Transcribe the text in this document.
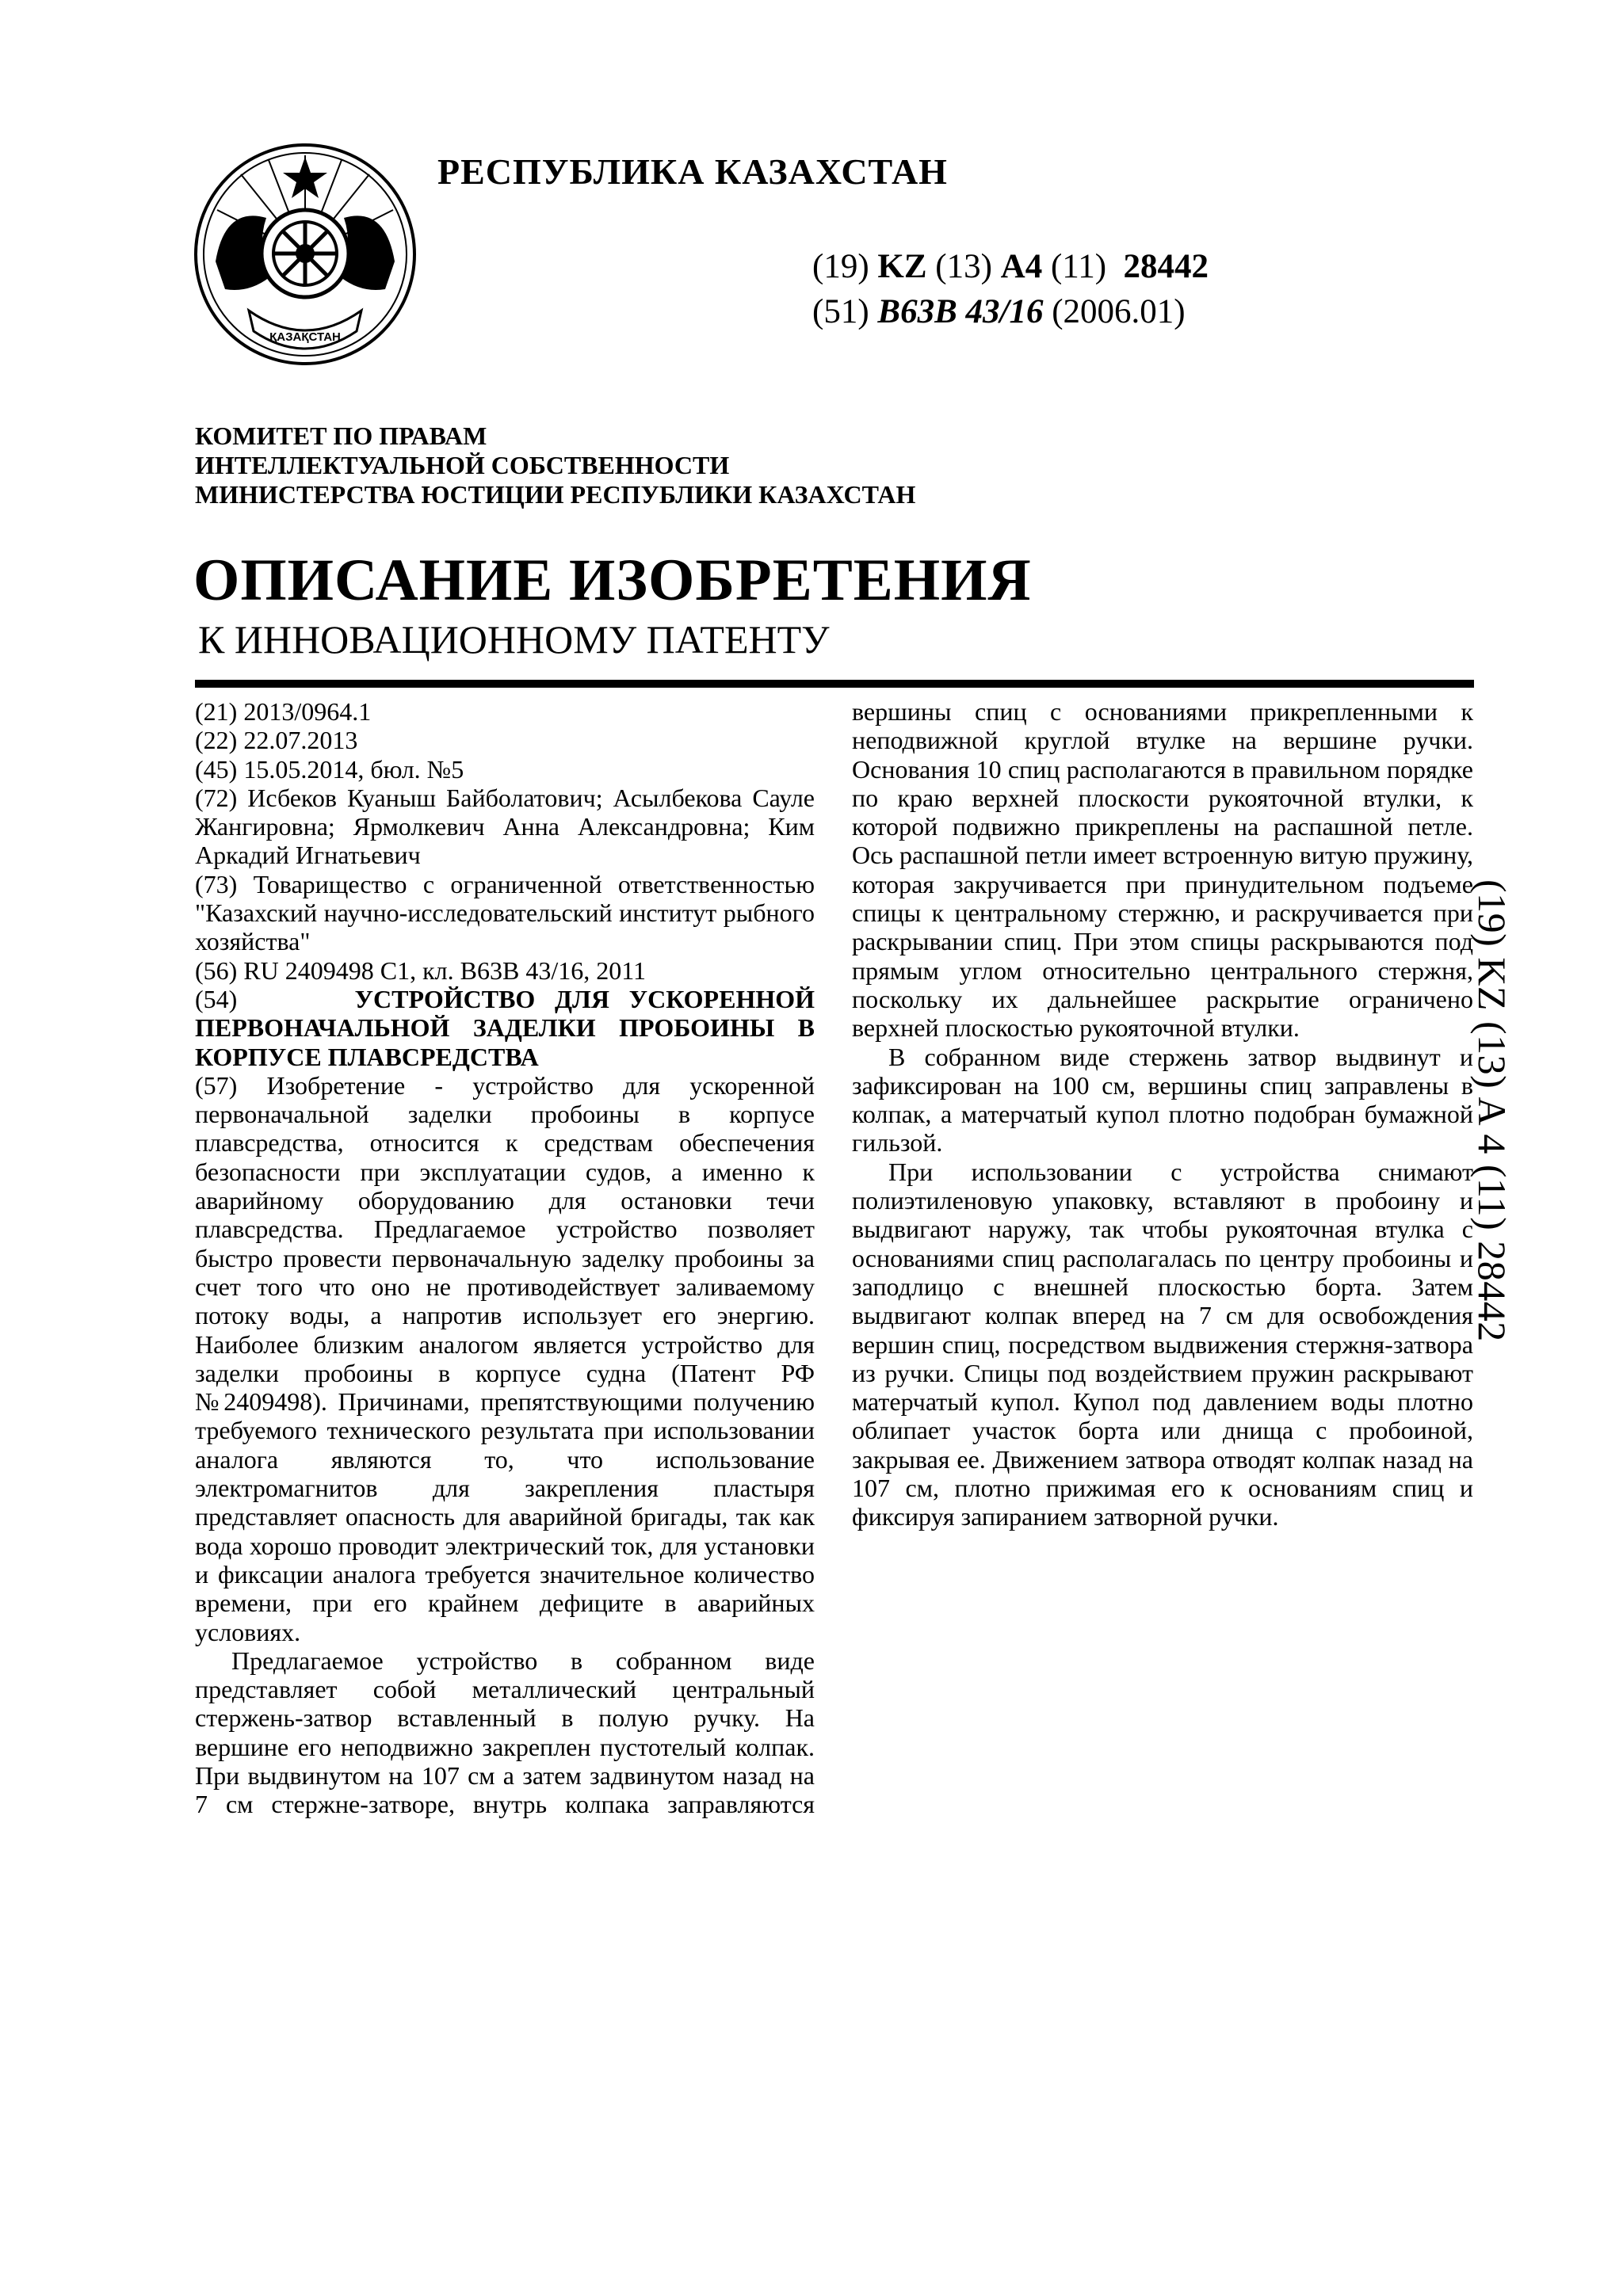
ҚАЗАҚСТАН
РЕСПУБЛИКА КАЗАХСТАН
(19) KZ (13) A4 (11) 28442
(51) B63B 43/16 (2006.01)
КОМИТЕТ ПО ПРАВАМ
ИНТЕЛЛЕКТУАЛЬНОЙ СОБСТВЕННОСТИ
МИНИСТЕРСТВА ЮСТИЦИИ РЕСПУБЛИКИ КАЗАХСТАН
ОПИСАНИЕ ИЗОБРЕТЕНИЯ
К ИННОВАЦИОННОМУ ПАТЕНТУ

(21) 2013/0964.1

(22) 22.07.2013

(45) 15.05.2014, бюл. №5

(72) Исбеков Куаныш Байболатович; Асылбекова Сауле Жангировна; Ярмолкевич Анна Александровна; Ким Аркадий Игнатьевич

(73) Товарищество с ограниченной ответственностью "Казахский научно-исследовательский институт рыбного хозяйства"

(56) RU 2409498 C1, кл. B63B 43/16, 2011

(54)	УСТРОЙСТВО ДЛЯ УСКОРЕННОЙ ПЕРВОНАЧАЛЬНОЙ ЗАДЕЛКИ ПРОБОИНЫ В КОРПУСЕ ПЛАВСРЕДСТВА

(57) Изобретение - устройство для ускоренной первоначальной заделки пробоины в корпусе плавсредства, относится к средствам обеспечения безопасности при эксплуатации судов, а именно к аварийному оборудованию для остановки течи плавсредства. Предлагаемое устройство позволяет быстро провести первоначальную заделку пробоины за счет того что оно не противодействует заливаемому потоку воды, а напротив использует его энергию. Наиболее близким аналогом является устройство для заделки пробоины в корпусе судна (Патент РФ №2409498). Причинами, препятствующими получению требуемого технического результата при использовании аналога являются то, что использование электромагнитов для закрепления пластыря представляет опасность для аварийной бригады, так как вода хорошо проводит электрический ток, для установки и фиксации аналога требуется значительное количество времени, при его крайнем дефиците в аварийных условиях.

Предлагаемое устройство в собранном виде представляет собой металлический центральный стержень-затвор вставленный в полую ручку. На вершине его неподвижно закреплен пустотелый колпак. При выдвинутом на 107 см а затем задвинутом назад на 7 см стержне-затворе, внутрь колпака заправляются

вершины спиц с основаниями прикрепленными к неподвижной круглой втулке на вершине ручки. Основания 10 спиц располагаются в правильном порядке по краю верхней плоскости рукояточной втулки, к которой подвижно прикреплены на распашной петле. Ось распашной петли имеет встроенную витую пружину, которая закручивается при принудительном подъеме спицы к центральному стержню, и раскручивается при раскрывании спиц. При этом спицы раскрываются под прямым углом относительно центрального стержня, поскольку их дальнейшее раскрытие ограничено верхней плоскостью рукояточной втулки.

В собранном виде стержень затвор выдвинут и зафиксирован на 100 см, вершины спиц заправлены в колпак, а матерчатый купол плотно подобран бумажной гильзой.

При использовании с устройства снимают полиэтиленовую упаковку, вставляют в пробоину и выдвигают наружу, так чтобы рукояточная втулка с основаниями спиц располагалась по центру пробоины и заподлицо с внешней плоскостью борта. Затем выдвигают колпак вперед на 7 см для освобождения вершин спиц, посредством выдвижения стержня-затвора из ручки. Спицы под воздействием пружин раскрывают матерчатый купол. Купол под давлением воды плотно облипает участок борта или днища с пробоиной, закрывая ее. Движением затвора отводят колпак назад на 107 см, плотно прижимая его к основаниям спиц и фиксируя запиранием затворной ручки.

(19) KZ (13) A 4 (11) 28442
